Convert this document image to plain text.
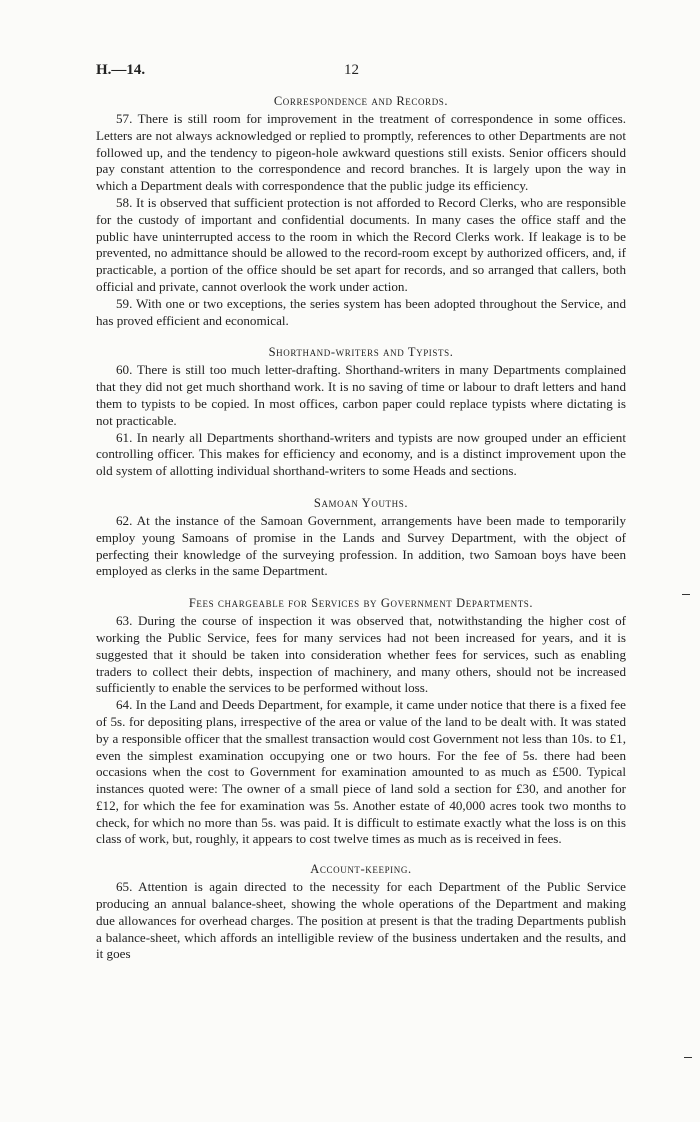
H.—14.	12
Correspondence and Records.

57. There is still room for improvement in the treatment of correspondence in some offices. Letters are not always acknowledged or replied to promptly, references to other Departments are not followed up, and the tendency to pigeon-hole awkward questions still exists. Senior officers should pay constant attention to the correspondence and record branches. It is largely upon the way in which a Department deals with correspondence that the public judge its efficiency.

58. It is observed that sufficient protection is not afforded to Record Clerks, who are responsible for the custody of important and confidential documents. In many cases the office staff and the public have uninterrupted access to the room in which the Record Clerks work. If leakage is to be prevented, no admittance should be allowed to the record-room except by authorized officers, and, if practicable, a portion of the office should be set apart for records, and so arranged that callers, both official and private, cannot overlook the work under action.

59. With one or two exceptions, the series system has been adopted throughout the Service, and has proved efficient and economical.

Shorthand-writers and Typists.

60. There is still too much letter-drafting. Shorthand-writers in many Departments complained that they did not get much shorthand work. It is no saving of time or labour to draft letters and hand them to typists to be copied. In most offices, carbon paper could replace typists where dictating is not practicable.

61. In nearly all Departments shorthand-writers and typists are now grouped under an efficient controlling officer. This makes for efficiency and economy, and is a distinct improvement upon the old system of allotting individual shorthand-writers to some Heads and sections.

Samoan Youths.

62. At the instance of the Samoan Government, arrangements have been made to temporarily employ young Samoans of promise in the Lands and Survey Department, with the object of perfecting their knowledge of the surveying profession. In addition, two Samoan boys have been employed as clerks in the same Department.

Fees chargeable for Services by Government Departments.

63. During the course of inspection it was observed that, notwithstanding the higher cost of working the Public Service, fees for many services had not been increased for years, and it is suggested that it should be taken into consideration whether fees for services, such as enabling traders to collect their debts, inspection of machinery, and many others, should not be increased sufficiently to enable the services to be performed without loss.

64. In the Land and Deeds Department, for example, it came under notice that there is a fixed fee of 5s. for depositing plans, irrespective of the area or value of the land to be dealt with. It was stated by a responsible officer that the smallest transaction would cost Government not less than 10s. to £1, even the simplest examination occupying one or two hours. For the fee of 5s. there had been occasions when the cost to Government for examination amounted to as much as £500. Typical instances quoted were: The owner of a small piece of land sold a section for £30, and another for £12, for which the fee for examination was 5s. Another estate of 40,000 acres took two months to check, for which no more than 5s. was paid. It is difficult to estimate exactly what the loss is on this class of work, but, roughly, it appears to cost twelve times as much as is received in fees.

Account-keeping.

65. Attention is again directed to the necessity for each Department of the Public Service producing an annual balance-sheet, showing the whole operations of the Department and making due allowances for overhead charges. The position at present is that the trading Departments publish a balance-sheet, which affords an intelligible review of the business undertaken and the results, and it goes
